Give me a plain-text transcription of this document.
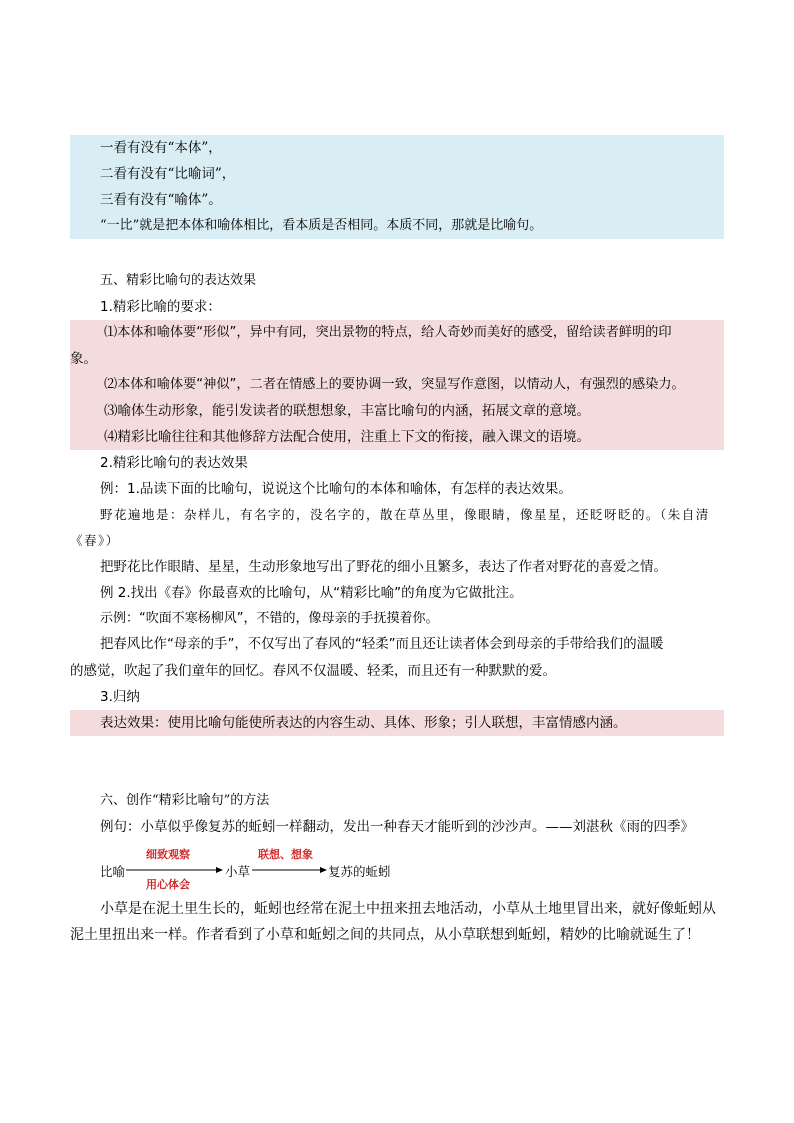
一看有没有“本体”，
二看有没有“比喻词”，
三看有没有“喻体”。
“一比”就是把本体和喻体相比，看本质是否相同。本质不同，那就是比喻句。
五、精彩比喻句的表达效果
1.精彩比喻的要求：
⑴本体和喻体要“形似”，异中有同，突出景物的特点，给人奇妙而美好的感受，留给读者鲜明的印
象。
⑵本体和喻体要“神似”，二者在情感上的要协调一致，突显写作意图，以情动人，有强烈的感染力。
⑶喻体生动形象，能引发读者的联想想象，丰富比喻句的内涵，拓展文章的意境。
⑷精彩比喻往往和其他修辞方法配合使用，注重上下文的衔接，融入课文的语境。
2.精彩比喻句的表达效果
例：1.品读下面的比喻句，说说这个比喻句的本体和喻体，有怎样的表达效果。
野花遍地是：杂样儿，有名字的，没名字的，散在草丛里，像眼睛，像星星，还眨呀眨的。（朱自清
《春》）
把野花比作眼睛、星星，生动形象地写出了野花的细小且繁多，表达了作者对野花的喜爱之情。
例 2.找出《春》你最喜欢的比喻句，从“精彩比喻”的角度为它做批注。
示例：“吹面不寒杨柳风”，不错的，像母亲的手抚摸着你。
把春风比作“母亲的手”，不仅写出了春风的“轻柔”而且还让读者体会到母亲的手带给我们的温暖
的感觉，吹起了我们童年的回忆。春风不仅温暖、轻柔，而且还有一种默默的爱。
3.归纳
表达效果：使用比喻句能使所表达的内容生动、具体、形象；引人联想，丰富情感内涵。
六、创作“精彩比喻句”的方法
例句：小草似乎像复苏的蚯蚓一样翻动，发出一种春天才能听到的沙沙声。——刘湛秋《雨的四季》
比喻
细致观察
用心体会
小草
联想、想象
复苏的蚯蚓
小草是在泥土里生长的，蚯蚓也经常在泥土中扭来扭去地活动，小草从土地里冒出来，就好像蚯蚓从
泥土里扭出来一样。作者看到了小草和蚯蚓之间的共同点，从小草联想到蚯蚓，精妙的比喻就诞生了！
